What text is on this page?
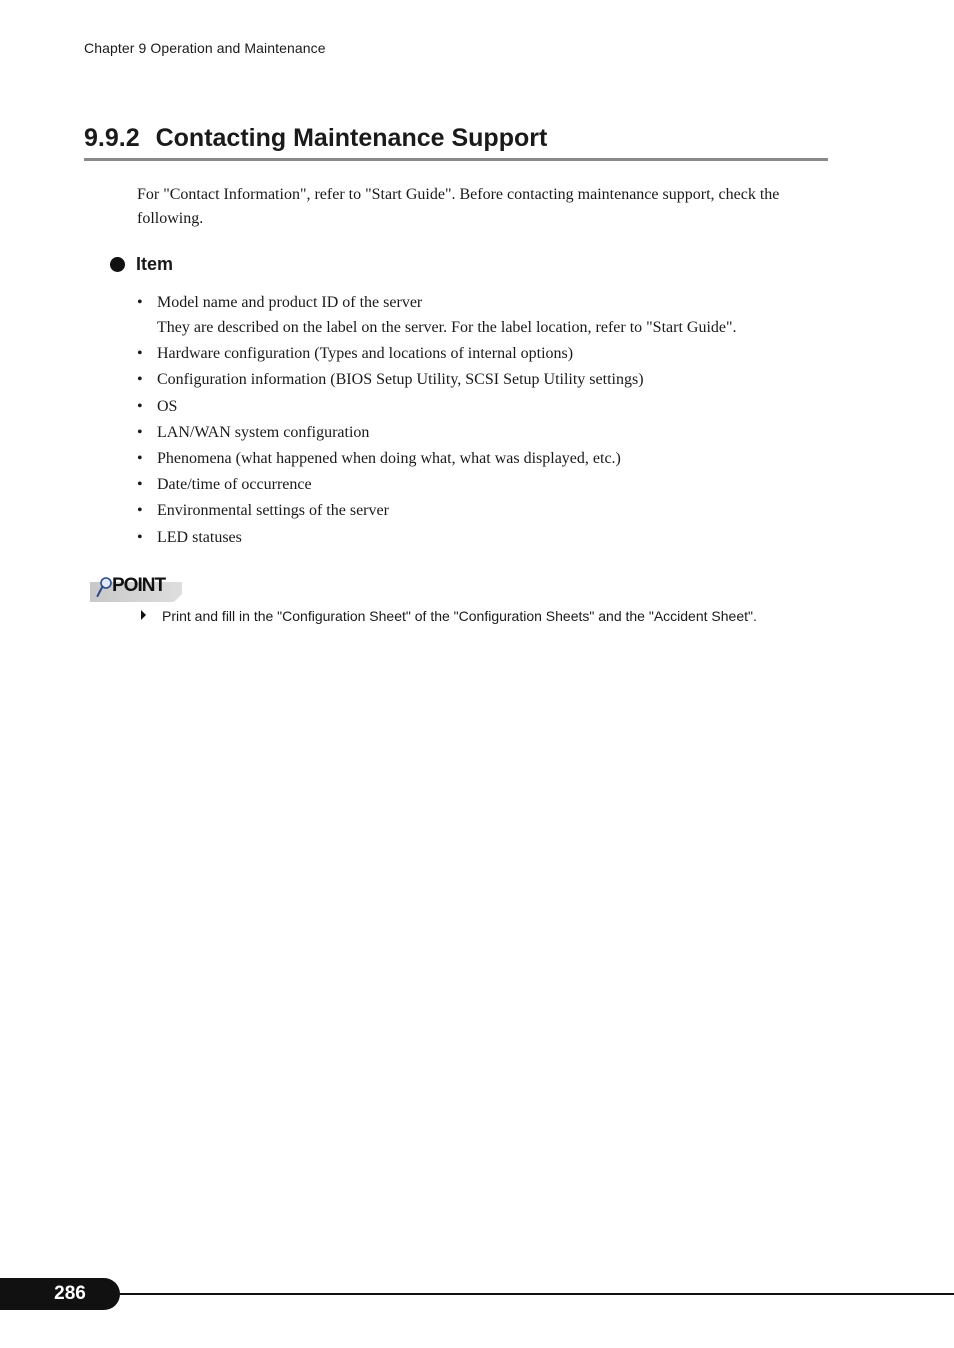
Chapter 9 Operation and Maintenance
9.9.2 Contacting Maintenance Support
For "Contact Information", refer to "Start Guide". Before contacting maintenance support, check the following.
Item
• Model name and product ID of the server
They are described on the label on the server. For the label location, refer to "Start Guide".
• Hardware configuration (Types and locations of internal options)
• Configuration information (BIOS Setup Utility, SCSI Setup Utility settings)
• OS
• LAN/WAN system configuration
• Phenomena (what happened when doing what, what was displayed, etc.)
• Date/time of occurrence
• Environmental settings of the server
• LED statuses
POINT
Print and fill in the "Configuration Sheet" of the "Configuration Sheets" and the "Accident Sheet".
286
